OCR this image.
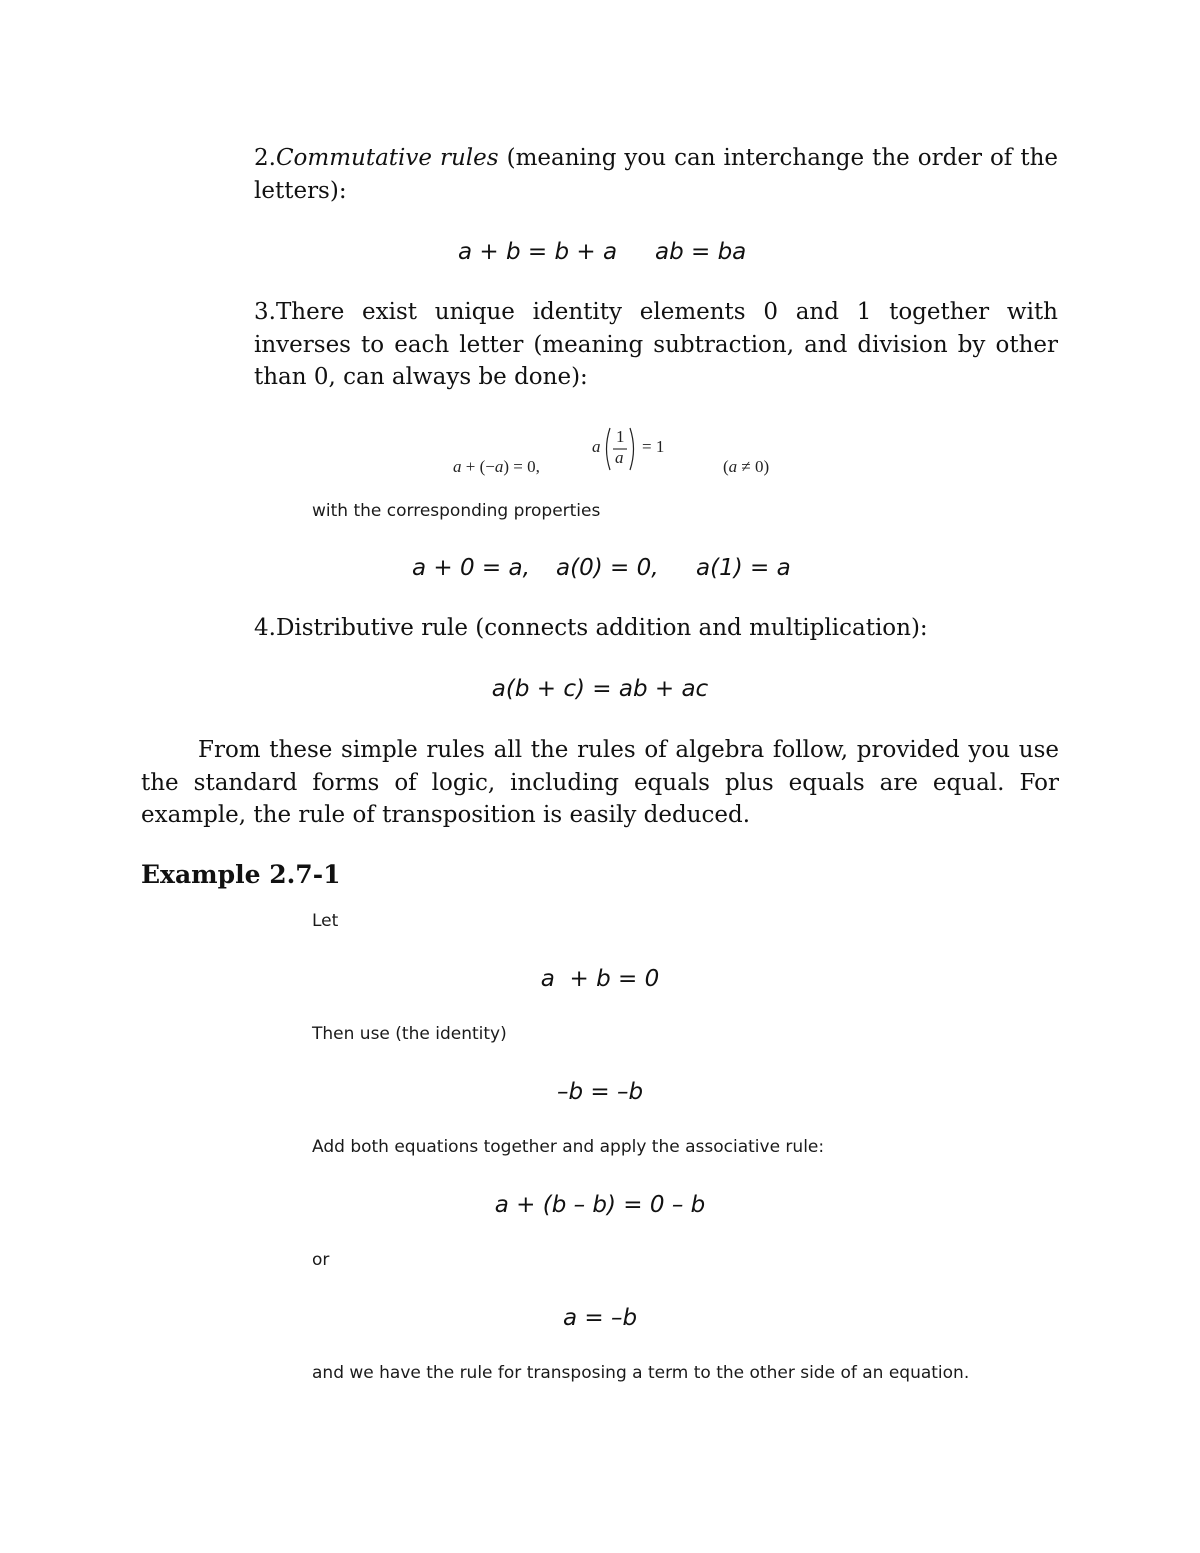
2.Commutative rules (meaning you can interchange the order of the letters):

a + b = b + a ab = ba

3.There exist unique identity elements 0 and 1 together with inverses to each letter (meaning subtraction, and division by other than 0, can always be done):

a + (−a) = 0,

a
1
a
= 1

(a ≠ 0)

with the corresponding properties
a + 0 = a, a(0) = 0, a(1) = a

4.Distributive rule (connects addition and multiplication):

a(b + c) = ab + ac
From these simple rules all the rules of algebra follow, provided you use the standard forms of logic, including equals plus equals are equal. For example, the rule of transposition is easily deduced.
Example 2.7-1
Let
a  + b = 0
Then use (the identity)
–b = –b
Add both equations together and apply the associative rule:
a + (b – b) = 0 – b
or
a = –b
and we have the rule for transposing a term to the other side of an equation.
